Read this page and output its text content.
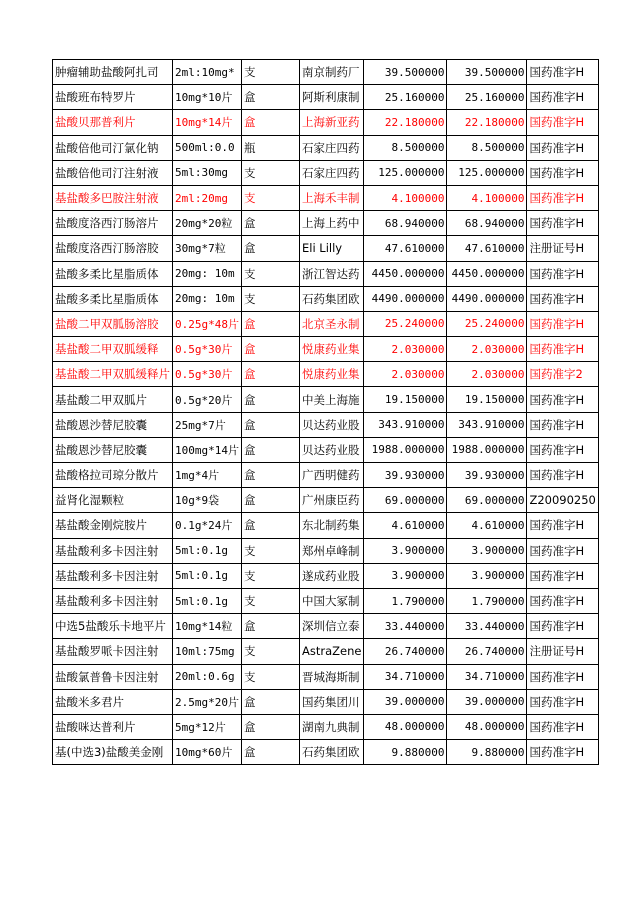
肿瘤辅助盐酸阿扎司	2ml:10mg*	支	南京制药厂	39.500000	39.500000	国药准字H
盐酸班布特罗片	10mg*10片	盒	阿斯利康制	25.160000	25.160000	国药准字H
盐酸贝那普利片	10mg*14片	盒	上海新亚药	22.180000	22.180000	国药准字H
盐酸倍他司汀氯化钠	500ml:0.0	瓶	石家庄四药	8.500000	8.500000	国药准字H
盐酸倍他司汀注射液	5ml:30mg	支	石家庄四药	125.000000	125.000000	国药准字H
基盐酸多巴胺注射液	2ml:20mg	支	上海禾丰制	4.100000	4.100000	国药准字H
盐酸度洛西汀肠溶片	20mg*20粒	盒	上海上药中	68.940000	68.940000	国药准字H
盐酸度洛西汀肠溶胶	30mg*7粒	盒	Eli Lilly	47.610000	47.610000	注册证号H
盐酸多柔比星脂质体	20mg: 10m	支	浙江智达药	4450.000000	4450.000000	国药准字H
盐酸多柔比星脂质体	20mg: 10m	支	石药集团欧	4490.000000	4490.000000	国药准字H
盐酸二甲双胍肠溶胶	0.25g*48片	盒	北京圣永制	25.240000	25.240000	国药准字H
基盐酸二甲双胍缓释	0.5g*30片	盒	悦康药业集	2.030000	2.030000	国药准字H
基盐酸二甲双胍缓释片	0.5g*30片	盒	悦康药业集	2.030000	2.030000	国药准字2
基盐酸二甲双胍片	0.5g*20片	盒	中美上海施	19.150000	19.150000	国药准字H
盐酸恩沙替尼胶囊	25mg*7片	盒	贝达药业股	343.910000	343.910000	国药准字H
盐酸恩沙替尼胶囊	100mg*14片	盒	贝达药业股	1988.000000	1988.000000	国药准字H
盐酸格拉司琼分散片	1mg*4片	盒	广西明健药	39.930000	39.930000	国药准字H
益肾化湿颗粒	10g*9袋	盒	广州康臣药	69.000000	69.000000	Z20090250
基盐酸金刚烷胺片	0.1g*24片	盒	东北制药集	4.610000	4.610000	国药准字H
基盐酸利多卡因注射	5ml:0.1g	支	郑州卓峰制	3.900000	3.900000	国药准字H
基盐酸利多卡因注射	5ml:0.1g	支	遂成药业股	3.900000	3.900000	国药准字H
基盐酸利多卡因注射	5ml:0.1g	支	中国大冢制	1.790000	1.790000	国药准字H
中选5盐酸乐卡地平片	10mg*14粒	盒	深圳信立泰	33.440000	33.440000	国药准字H
基盐酸罗哌卡因注射	10ml:75mg	支	AstraZene	26.740000	26.740000	注册证号H
盐酸氯普鲁卡因注射	20ml:0.6g	支	晋城海斯制	34.710000	34.710000	国药准字H
盐酸米多君片	2.5mg*20片	盒	国药集团川	39.000000	39.000000	国药准字H
盐酸咪达普利片	5mg*12片	盒	湖南九典制	48.000000	48.000000	国药准字H
基(中选3)盐酸美金刚	10mg*60片	盒	石药集团欧	9.880000	9.880000	国药准字H
